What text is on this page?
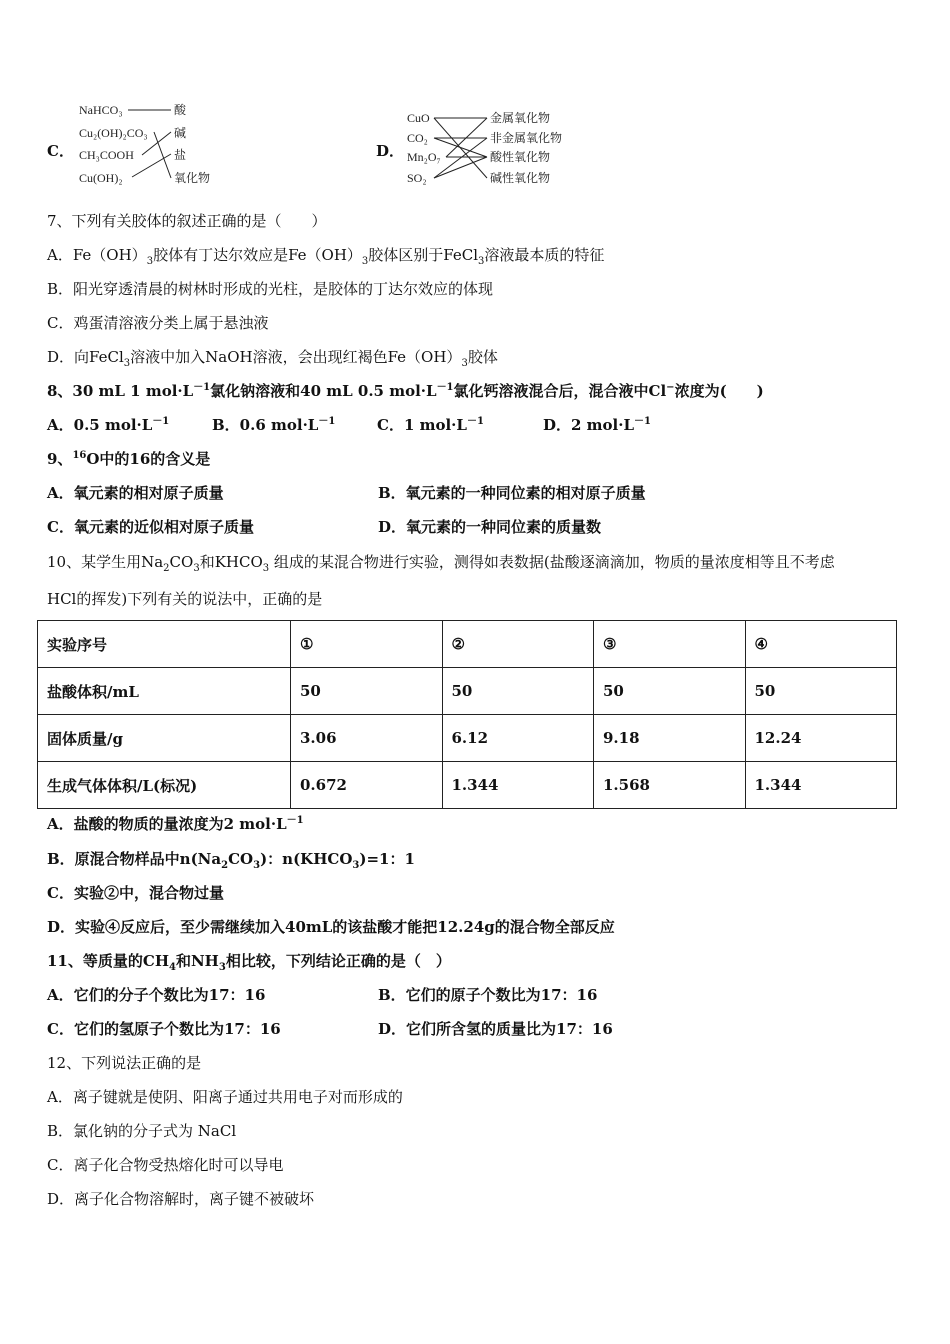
C．
NaHCO₃
Cu₂(OH)₂CO₃
CH₃COOH
Cu(OH)₂
酸
碱
盐
氧化物
D．
CuO
CO₂
Mn₂O₇
SO₂
金属氧化物
非金属氧化物
酸性氧化物
碱性氧化物
7、下列有关胶体的叙述正确的是（　　）
A．$Fe(OH)_3$胶体有丁达尔效应是$Fe(OH)_3$胶体区别于FeCl$_3$溶液最本质的特征
B．阳光穿透清晨的树林时形成的光柱，是胶体的丁达尔效应的体现
C．鸡蛋清溶液分类上属于悬浊液
D．向FeCl$_3$溶液中加入NaOH溶液，会出现红褐色$Fe(OH)_3$胶体
8、30 mL 1 $mol\cdot L^{-1}$氯化钠溶液和40 mL 0.5 $mol\cdot L^{-1}$氯化钙溶液混合后，混合液中Cl−浓度为(　　)
A．0.5 $mol\cdot L^{-1}$	B．0.6 $mol\cdot L^{-1}$	C．1 $mol\cdot L^{-1}$	D．2 $mol\cdot L^{-1}$
9、$^{16}$O中的16的含义是
A．氧元素的相对原子质量	B．氧元素的一种同位素的相对原子质量
C．氧元素的近似相对原子质量	D．氧元素的一种同位素的质量数
10、某学生用$Na_2CO_3$和$KHCO_3$ 组成的某混合物进行实验，测得如表数据(盐酸逐滴滴加，物质的量浓度相等且不考虑
HCl的挥发)下列有关的说法中，正确的是
实验序号	①	②	③	④
盐酸体积/mL	50	50	50	50
固体质量/g	3.06	6.12	9.18	12.24
生成气体体积/L(标况)	0.672	1.344	1.568	1.344
A．盐酸的物质的量浓度为2 $mol\cdot L^{-1}$
B．原混合物样品中$n(Na_2CO_3)$：$n(KHCO_3)=1$：1
C．实验②中，混合物过量
D．实验④反应后，至少需继续加入40mL的该盐酸才能把12.24g的混合物全部反应
11、等质量的$CH_4$和$NH_3$相比较，下列结论正确的是（　）
A．它们的分子个数比为17：16	B．它们的原子个数比为17：16
C．它们的氢原子个数比为17：16	D．它们所含氢的质量比为17：16
12、下列说法正确的是
A．离子键就是使阴、阳离子通过共用电子对而形成的
B．氯化钠的分子式为 NaCl
C．离子化合物受热熔化时可以导电
D．离子化合物溶解时，离子键不被破坏
